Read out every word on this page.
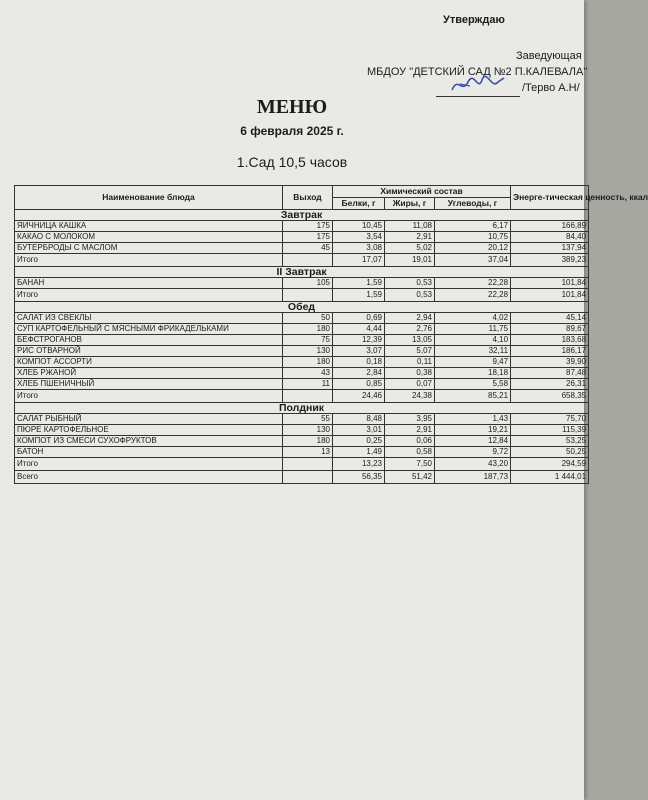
Утверждаю
Заведующая
МБДОУ "ДЕТСКИЙ САД №2 П.КАЛЕВАЛА"
/Терво А.Н/
МЕНЮ
6 февраля 2025 г.
1.Сад 10,5 часов
Наименование блюда	Выход	Химический состав			Энерге-тическая ценность, ккал
		Белки, г	Жиры, г	Углеводы, г	
Завтрак					
ЯИЧНИЦА КАШКА	175	10,45	11,08	6,17	166,89
КАКАО С МОЛОКОМ	175	3,54	2,91	10,75	84,40
БУТЕРБРОДЫ С МАСЛОМ	45	3,08	5,02	20,12	137,94
Итого		17,07	19,01	37,04	389,23
II Завтрак					
БАНАН	105	1,59	0,53	22,28	101,84
Итого		1,59	0,53	22,28	101,84
Обед					
САЛАТ ИЗ СВЕКЛЫ	50	0,69	2,94	4,02	45,14
СУП КАРТОФЕЛЬНЫЙ С МЯСНЫМИ ФРИКАДЕЛЬКАМИ	180	4,44	2,76	11,75	89,67
БЕФСТРОГАНОВ	75	12,39	13,05	4,10	183,68
РИС ОТВАРНОЙ	130	3,07	5,07	32,11	186,17
КОМПОТ АССОРТИ	180	0,18	0,11	9,47	39,90
ХЛЕБ РЖАНОЙ	43	2,84	0,38	18,18	87,48
ХЛЕБ ПШЕНИЧНЫЙ	11	0,85	0,07	5,58	26,31
Итого		24,46	24,38	85,21	658,35
Полдник					
САЛАТ РЫБНЫЙ	55	8,48	3,95	1,43	75,70
ПЮРЕ КАРТОФЕЛЬНОЕ	130	3,01	2,91	19,21	115,39
КОМПОТ ИЗ СМЕСИ СУХОФРУКТОВ	180	0,25	0,06	12,84	53,25
БАТОН	13	1,49	0,58	9,72	50,25
Итого		13,23	7,50	43,20	294,59
Всего		56,35	51,42	187,73	1 444,01
